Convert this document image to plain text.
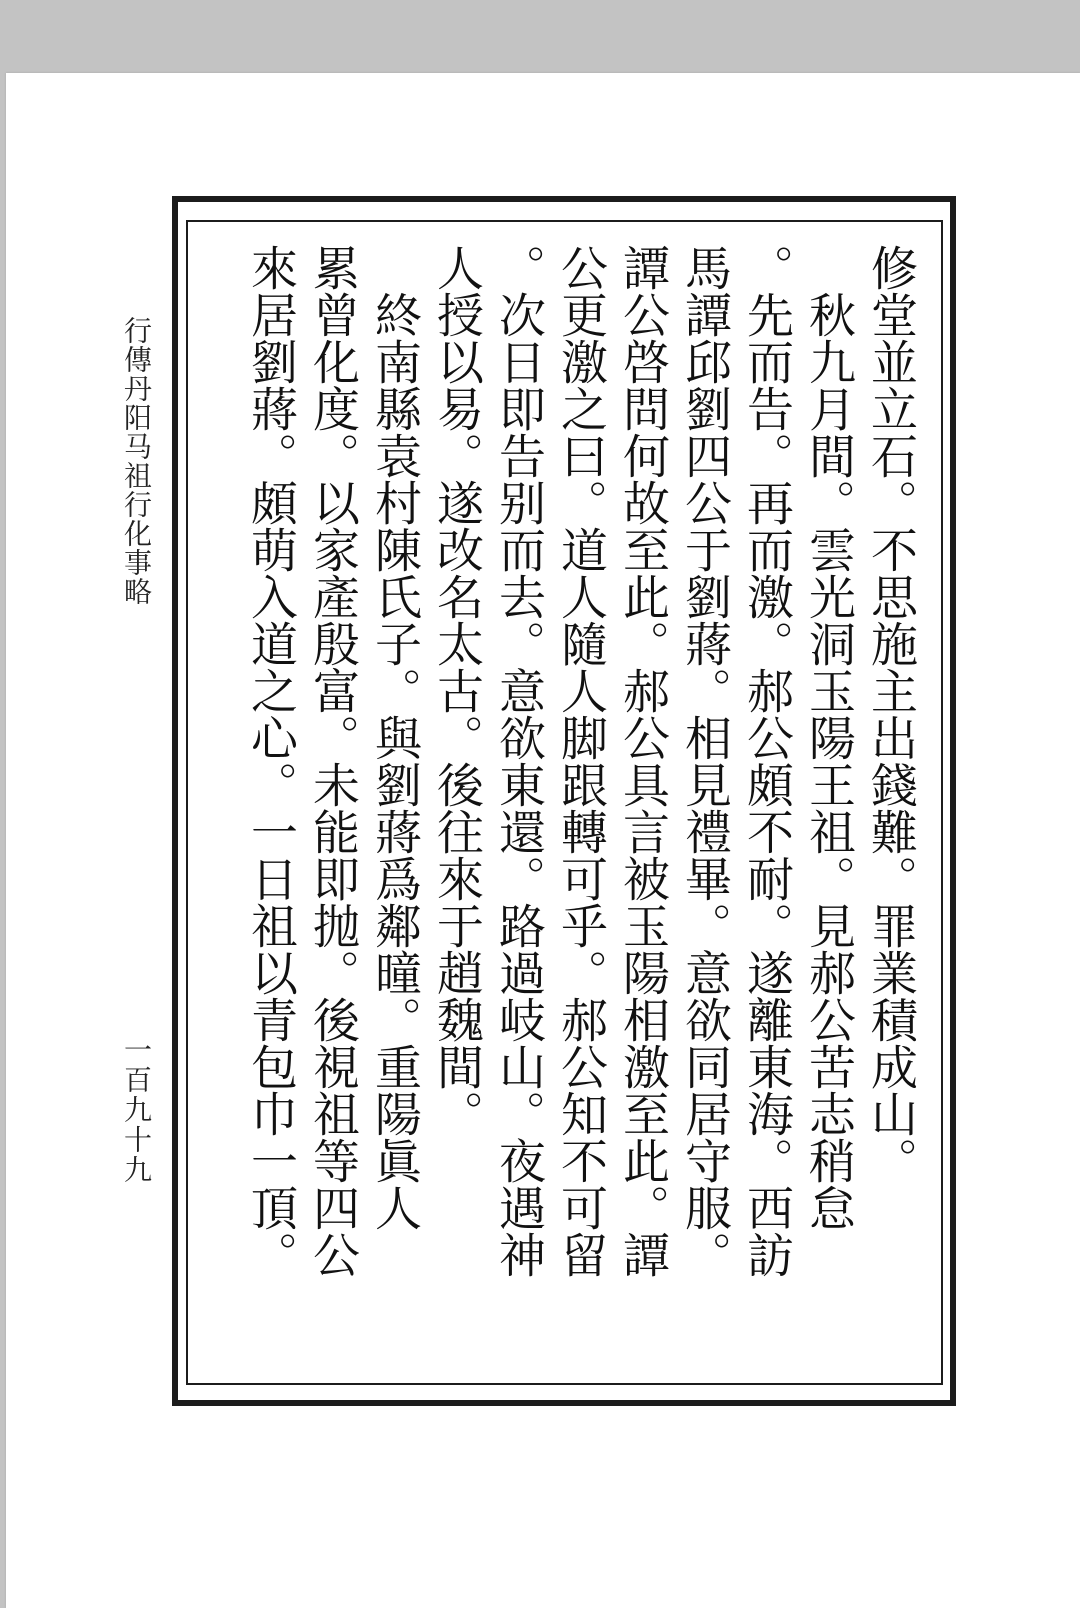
修堂並立石。不思施主出錢難。罪業積成山。
　秋九月間。雲光洞玉陽王祖。見郝公苦志稍怠
。先而告。再而激。郝公頗不耐。遂離東海。西訪
馬譚邱劉四公于劉蔣。相見禮畢。意欲同居守服。
譚公啓問何故至此。郝公具言被玉陽相激至此。譚
公更激之曰。道人隨人脚跟轉可乎。郝公知不可留
。次日即告别而去。意欲東還。路過岐山。夜遇神
人授以易。遂改名太古。後往來于趙魏間。
　終南縣袁村陳氏子。與劉蔣爲鄰曈。重陽眞人
累曾化度。以家產殷富。未能即抛。後視祖等四公
來居劉蔣。頗萌入道之心。一日祖以青包巾一頂。
行傳丹阳马祖行化事略
一百九十九
